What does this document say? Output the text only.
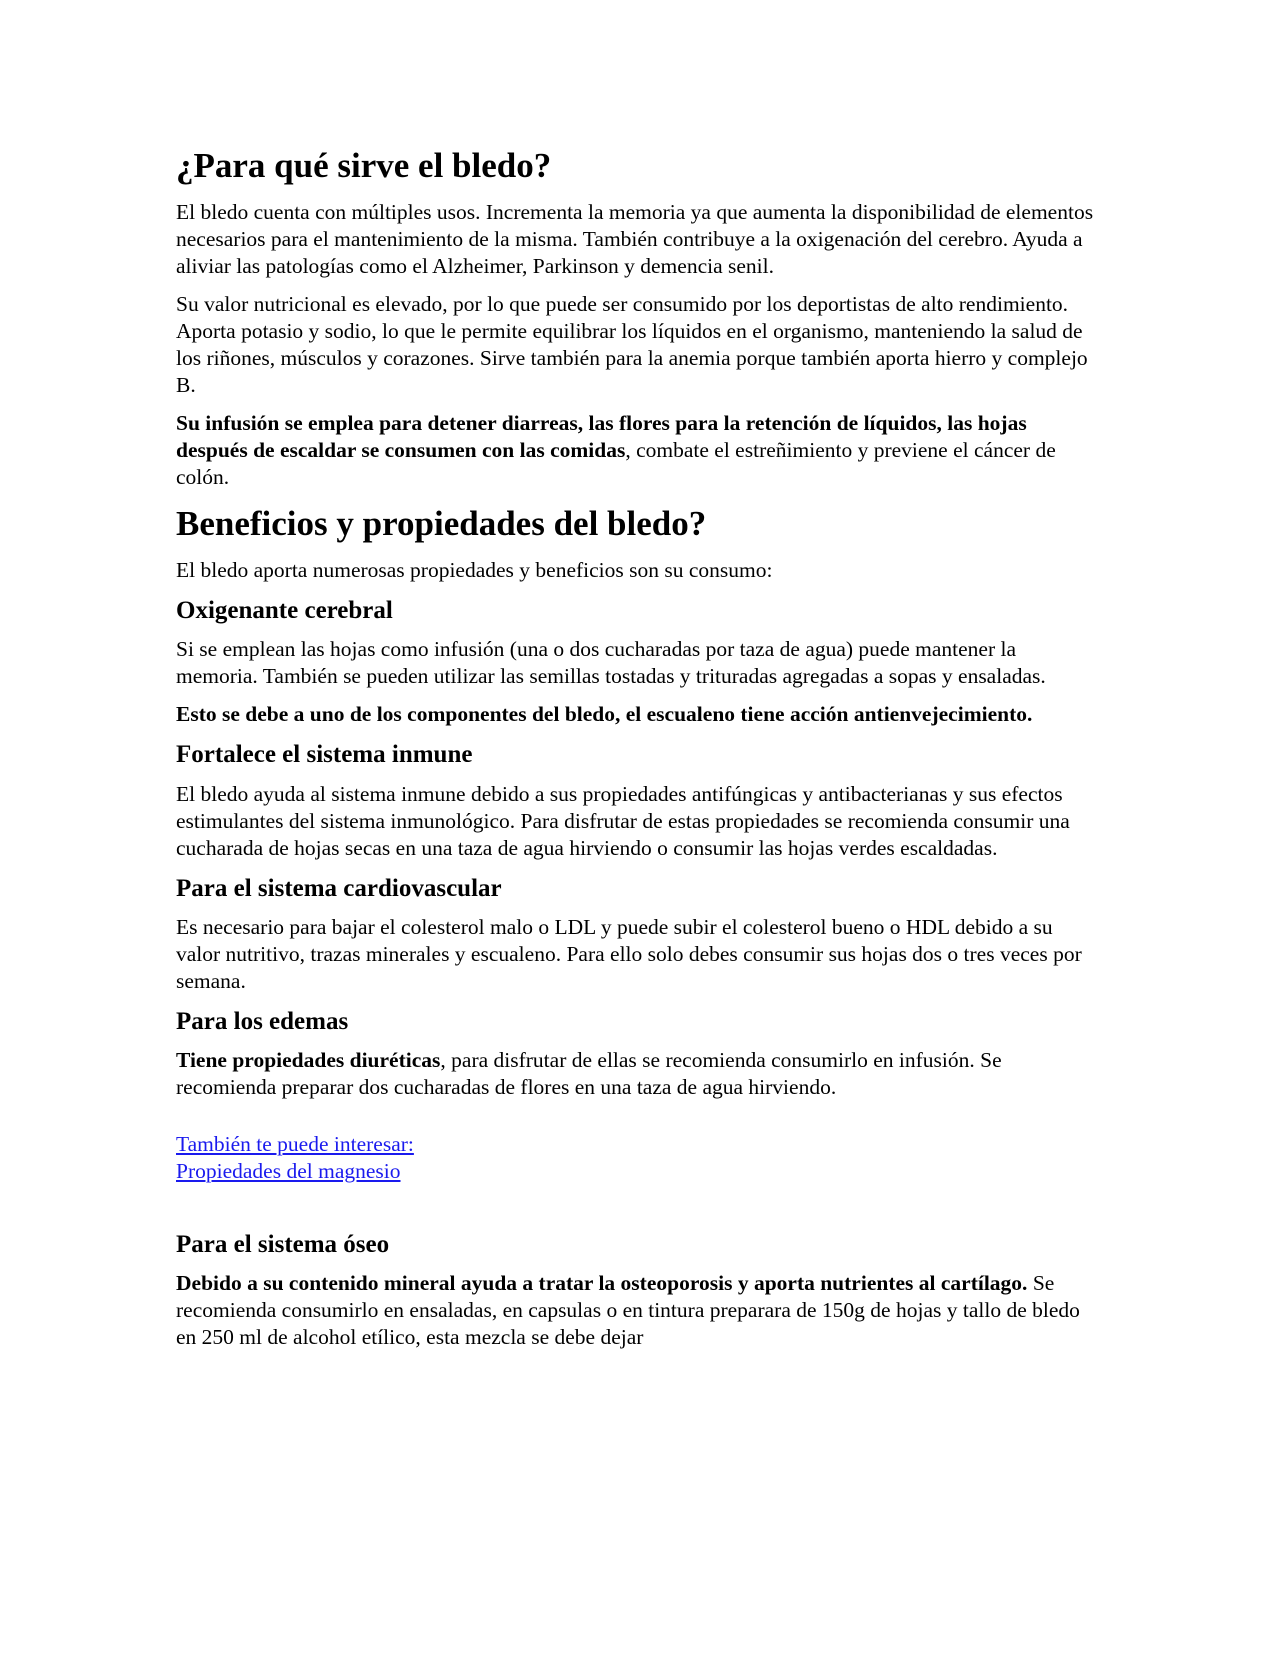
¿Para qué sirve el bledo?

El bledo cuenta con múltiples usos. Incrementa la memoria ya que aumenta la disponibilidad de elementos necesarios para el mantenimiento de la misma. También contribuye a la oxigenación del cerebro. Ayuda a aliviar las patologías como el Alzheimer, Parkinson y demencia senil.

Su valor nutricional es elevado, por lo que puede ser consumido por los deportistas de alto rendimiento. Aporta potasio y sodio, lo que le permite equilibrar los líquidos en el organismo, manteniendo la salud de los riñones, músculos y corazones. Sirve también para la anemia porque también aporta hierro y complejo B.

Su infusión se emplea para detener diarreas, las flores para la retención de líquidos, las hojas después de escaldar se consumen con las comidas, combate el estreñimiento y previene el cáncer de colón.

Beneficios y propiedades del bledo?

El bledo aporta numerosas propiedades y beneficios son su consumo:

Oxigenante cerebral

Si se emplean las hojas como infusión (una o dos cucharadas por taza de agua) puede mantener la memoria. También se pueden utilizar las semillas tostadas y trituradas agregadas a sopas y ensaladas.

Esto se debe a uno de los componentes del bledo, el escualeno tiene acción antienvejecimiento.

Fortalece el sistema inmune

El bledo ayuda al sistema inmune debido a sus propiedades antifúngicas y antibacterianas y sus efectos estimulantes del sistema inmunológico. Para disfrutar de estas propiedades se recomienda consumir una cucharada de hojas secas en una taza de agua hirviendo o consumir las hojas verdes escaldadas.

Para el sistema cardiovascular

Es necesario para bajar el colesterol malo o LDL y puede subir el colesterol bueno o HDL debido a su valor nutritivo, trazas minerales y escualeno. Para ello solo debes consumir sus hojas dos o tres veces por semana.

Para los edemas

Tiene propiedades diuréticas, para disfrutar de ellas se recomienda consumirlo en infusión. Se recomienda preparar dos cucharadas de flores en una taza de agua hirviendo.

También te puede interesar:
Propiedades del magnesio
Para el sistema óseo

Debido a su contenido mineral ayuda a tratar la osteoporosis y aporta nutrientes al cartílago. Se recomienda consumirlo en ensaladas, en capsulas o en tintura preparara de 150g de hojas y tallo de bledo en 250 ml de alcohol etílico, esta mezcla se debe dejar
